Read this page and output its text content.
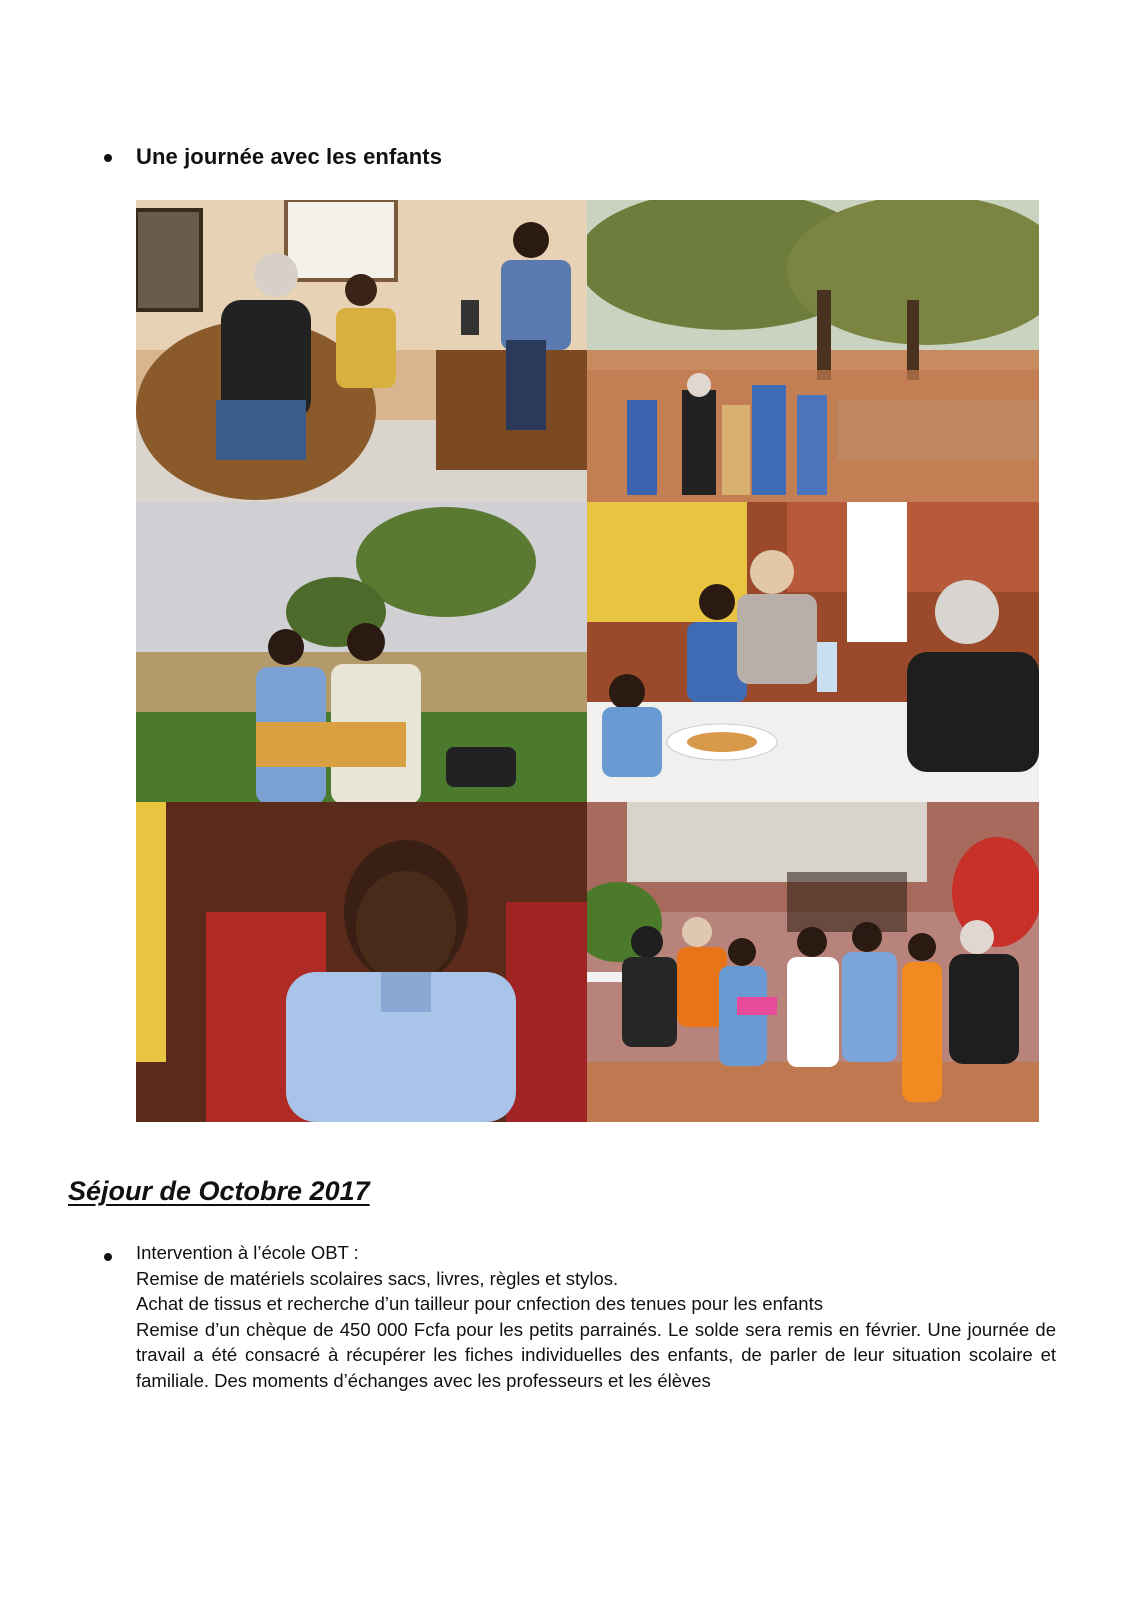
Une journée avec les enfants
Séjour de Octobre 2017
Intervention à l’école OBT :
Remise de matériels scolaires sacs, livres, règles et stylos.
Achat de tissus et recherche d’un tailleur pour cnfection des tenues pour les enfants
Remise d’un chèque de 450 000 Fcfa pour les petits parrainés. Le solde sera remis en février. Une journée de
travail a été consacré à récupérer les fiches individuelles des enfants, de parler de leur situation scolaire et
familiale. Des moments d’échanges avec les professeurs et les élèves
